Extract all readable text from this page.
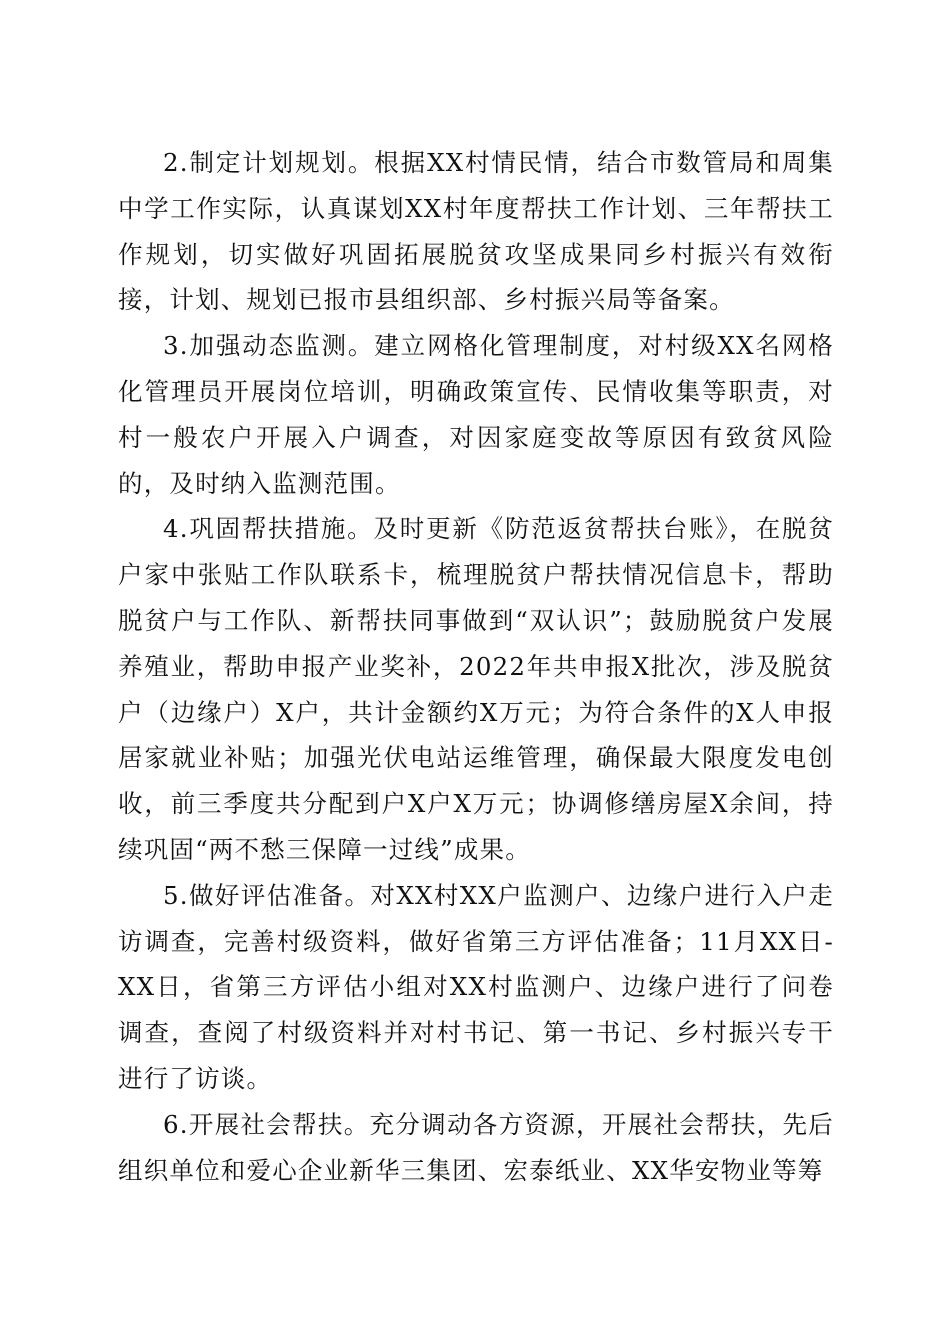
2.制定计划规划。根据XX村情民情，结合市数管局和周集中学工作实际，认真谋划XX村年度帮扶工作计划、三年帮扶工作规划，切实做好巩固拓展脱贫攻坚成果同乡村振兴有效衔接，计划、规划已报市县组织部、乡村振兴局等备案。

3.加强动态监测。建立网格化管理制度，对村级XX名网格化管理员开展岗位培训，明确政策宣传、民情收集等职责，对村一般农户开展入户调查，对因家庭变故等原因有致贫风险的，及时纳入监测范围。

4.巩固帮扶措施。及时更新《防范返贫帮扶台账》，在脱贫户家中张贴工作队联系卡，梳理脱贫户帮扶情况信息卡，帮助脱贫户与工作队、新帮扶同事做到“双认识”；鼓励脱贫户发展养殖业，帮助申报产业奖补，2022年共申报X批次，涉及脱贫户（边缘户）X户，共计金额约X万元；为符合条件的X人申报居家就业补贴；加强光伏电站运维管理，确保最大限度发电创收，前三季度共分配到户X户X万元；协调修缮房屋X余间，持续巩固“两不愁三保障一过线”成果。

5.做好评估准备。对XX村XX户监测户、边缘户进行入户走访调查，完善村级资料，做好省第三方评估准备；11月XX日-XX日，省第三方评估小组对XX村监测户、边缘户进行了问卷调查，查阅了村级资料并对村书记、第一书记、乡村振兴专干进行了访谈。

6.开展社会帮扶。充分调动各方资源，开展社会帮扶，先后组织单位和爱心企业新华三集团、宏泰纸业、XX华安物业等筹
